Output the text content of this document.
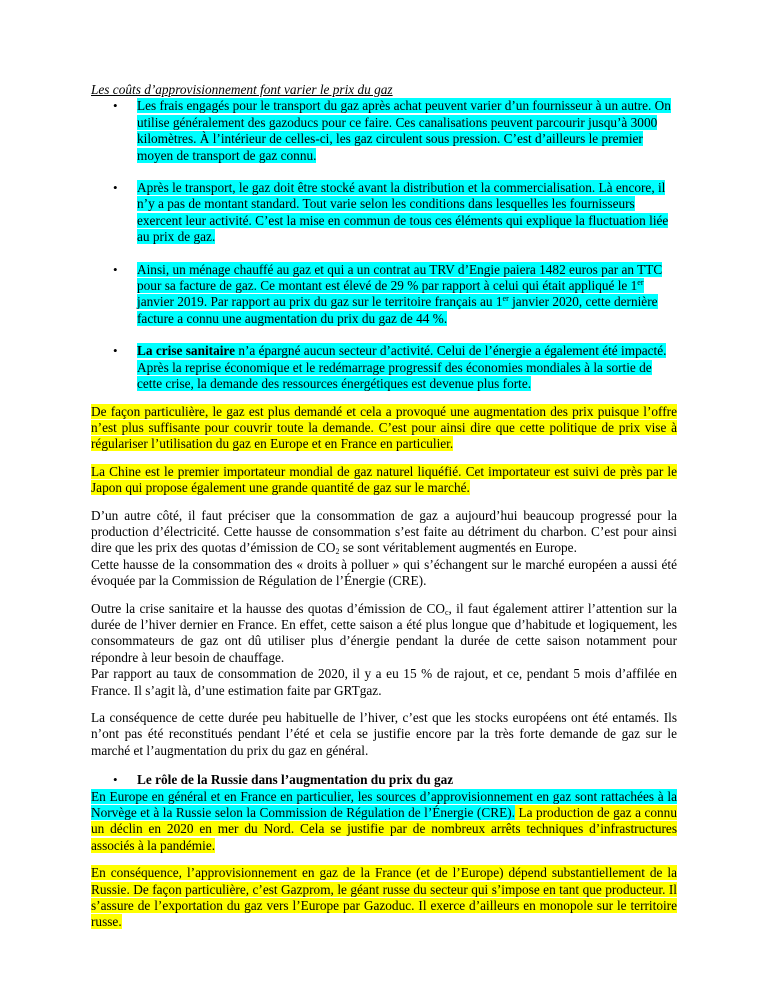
Les coûts d’approvisionnement font varier le prix du gaz

• Les frais engagés pour le transport du gaz après achat peuvent varier d’un fournisseur à un autre. On utilise généralement des gazoducs pour ce faire. Ces canalisations peuvent parcourir jusqu’à 3000 kilomètres. À l’intérieur de celles-ci, les gaz circulent sous pression. C’est d’ailleurs le premier moyen de transport de gaz connu.
• Après le transport, le gaz doit être stocké avant la distribution et la commercialisation. Là encore, il n’y a pas de montant standard. Tout varie selon les conditions dans lesquelles les fournisseurs exercent leur activité. C’est la mise en commun de tous ces éléments qui explique la fluctuation liée au prix de gaz.
• Ainsi, un ménage chauffé au gaz et qui a un contrat au TRV d’Engie paiera 1482 euros par an TTC pour sa facture de gaz. Ce montant est élevé de 29 % par rapport à celui qui était appliqué le 1er janvier 2019. Par rapport au prix du gaz sur le territoire français au 1er janvier 2020, cette dernière facture a connu une augmentation du prix du gaz de 44 %.
• La crise sanitaire n’a épargné aucun secteur d’activité. Celui de l’énergie a également été impacté. Après la reprise économique et le redémarrage progressif des économies mondiales à la sortie de cette crise, la demande des ressources énergétiques est devenue plus forte.

De façon particulière, le gaz est plus demandé et cela a provoqué une augmentation des prix puisque l’offre n’est plus suffisante pour couvrir toute la demande. C’est pour ainsi dire que cette politique de prix vise à régulariser l’utilisation du gaz en Europe et en France en particulier.

La Chine est le premier importateur mondial de gaz naturel liquéfié. Cet importateur est suivi de près par le Japon qui propose également une grande quantité de gaz sur le marché.

D’un autre côté, il faut préciser que la consommation de gaz a aujourd’hui beaucoup progressé pour la production d’électricité. Cette hausse de consommation s’est faite au détriment du charbon. C’est pour ainsi dire que les prix des quotas d’émission de $CO_2$ se sont véritablement augmentés en Europe.
Cette hausse de la consommation des « droits à polluer » qui s’échangent sur le marché européen a aussi été évoquée par la Commission de Régulation de l’Énergie (CRE).

Outre la crise sanitaire et la hausse des quotas d’émission de $CO_c$, il faut également attirer l’attention sur la durée de l’hiver dernier en France. En effet, cette saison a été plus longue que d’habitude et logiquement, les consommateurs de gaz ont dû utiliser plus d’énergie pendant la durée de cette saison notamment pour répondre à leur besoin de chauffage.
Par rapport au taux de consommation de 2020, il y a eu 15 % de rajout, et ce, pendant 5 mois d’affilée en France. Il s’agit là, d’une estimation faite par GRTgaz.

La conséquence de cette durée peu habituelle de l’hiver, c’est que les stocks européens ont été entamés. Ils n’ont pas été reconstitués pendant l’été et cela se justifie encore par la très forte demande de gaz sur le marché et l’augmentation du prix du gaz en général.

• Le rôle de la Russie dans l’augmentation du prix du gaz

En Europe en général et en France en particulier, les sources d’approvisionnement en gaz sont rattachées à la Norvège et à la Russie selon la Commission de Régulation de l’Énergie (CRE). La production de gaz a connu un déclin en 2020 en mer du Nord. Cela se justifie par de nombreux arrêts techniques d’infrastructures associés à la pandémie.

En conséquence, l’approvisionnement en gaz de la France (et de l’Europe) dépend substantiellement de la Russie. De façon particulière, c’est Gazprom, le géant russe du secteur qui s’impose en tant que producteur. Il s’assure de l’exportation du gaz vers l’Europe par Gazoduc. Il exerce d’ailleurs en monopole sur le territoire russe.
